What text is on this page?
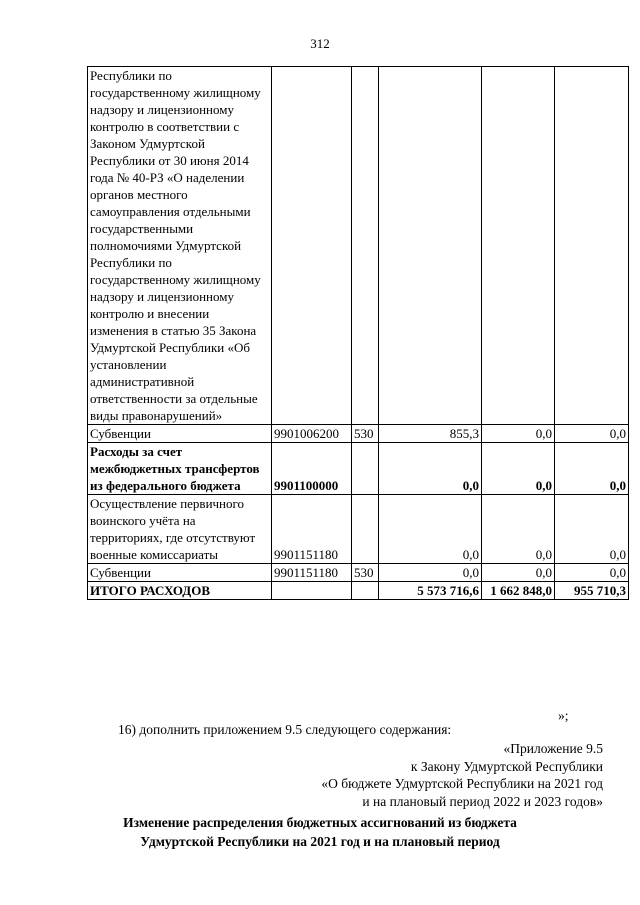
312
Республики по государственному жилищному надзору и лицензионному контролю в соответствии с Законом Удмуртской Республики от 30 июня 2014 года № 40-РЗ «О наделении органов местного самоуправления отдельными государственными полномочиями Удмуртской Республики по государственному жилищному надзору и лицензионному контролю и внесении изменения в статью 35 Закона Удмуртской Республики «Об установлении административной ответственности за отдельные виды правонарушений»					
Субвенции	9901006200	530	855,3	0,0	0,0
Расходы за счет межбюджетных трансфертов из федерального бюджета	9901100000		0,0	0,0	0,0
Осуществление первичного воинского учёта на территориях, где отсутствуют военные комиссариаты	9901151180		0,0	0,0	0,0
Субвенции	9901151180	530	0,0	0,0	0,0
ИТОГО РАСХОДОВ			5 573 716,6	1 662 848,0	955 710,3
»;
16) дополнить приложением 9.5 следующего содержания:
«Приложение 9.5
к Закону Удмуртской Республики
«О бюджете Удмуртской Республики на 2021 год
и на плановый период 2022 и 2023 годов»
Изменение распределения бюджетных ассигнований из бюджета
Удмуртской Республики на 2021 год и на плановый период
